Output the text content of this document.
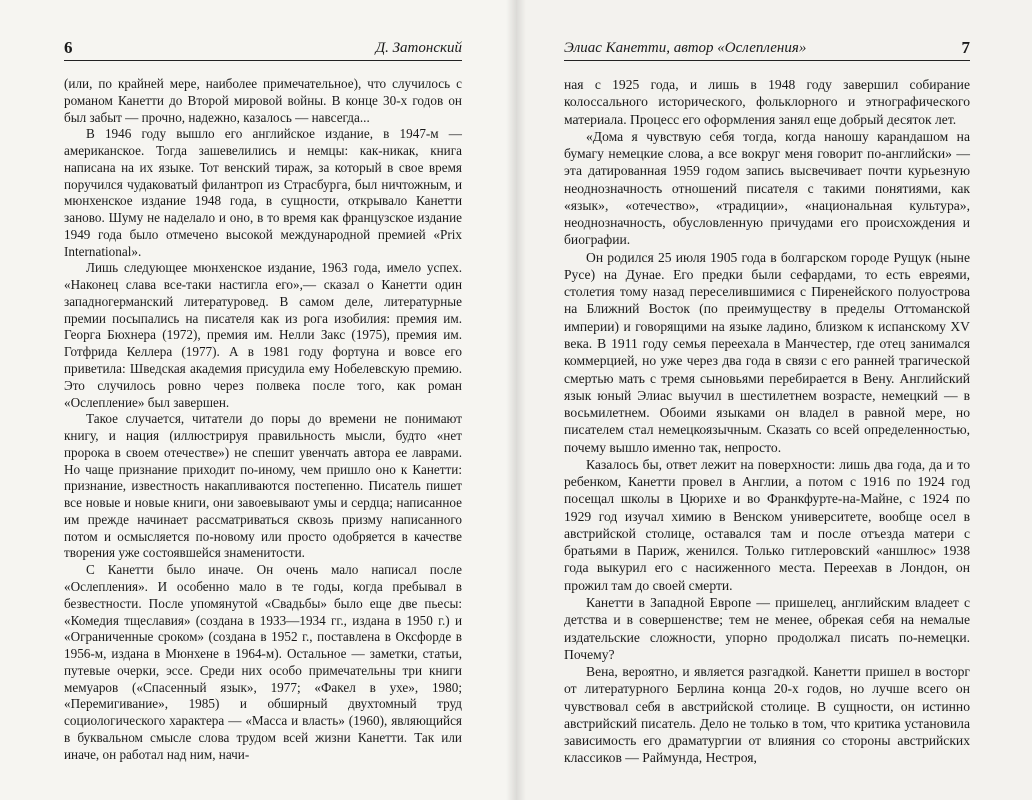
6	Д. Затонский

(или, по крайней мере, наиболее примечательное), что случилось с романом Канетти до Второй мировой войны. В конце 30-х годов он был забыт — прочно, надежно, казалось — навсегда...

В 1946 году вышло его английское издание, в 1947-м — американское. Тогда зашевелились и немцы: как-никак, книга написана на их языке. Тот венский тираж, за который в свое время поручился чудаковатый филантроп из Страсбурга, был ничтожным, и мюнхенское издание 1948 года, в сущности, открывало Канетти заново. Шуму не наделало и оно, в то время как французское издание 1949 года было отмечено высокой международной премией «Prix International».

Лишь следующее мюнхенское издание, 1963 года, имело успех. «Наконец слава все-таки настигла его»,— сказал о Канетти один западногерманский литературовед. В самом деле, литературные премии посыпались на писателя как из рога изобилия: премия им. Георга Бюхнера (1972), премия им. Нелли Закс (1975), премия им. Готфрида Келлера (1977). А в 1981 году фортуна и вовсе его приветила: Шведская академия присудила ему Нобелевскую премию. Это случилось ровно через полвека после того, как роман «Ослепление» был завершен.

Такое случается, читатели до поры до времени не понимают книгу, и нация (иллюстрируя правильность мысли, будто «нет пророка в своем отечестве») не спешит увенчать автора ее лаврами. Но чаще признание приходит по-иному, чем пришло оно к Канетти: признание, известность накапливаются постепенно. Писатель пишет все новые и новые книги, они завоевывают умы и сердца; написанное им прежде начинает рассматриваться сквозь призму написанного потом и осмысляется по-новому или просто одобряется в качестве творения уже состоявшейся знаменитости.

С Канетти было иначе. Он очень мало написал после «Ослепления». И особенно мало в те годы, когда пребывал в безвестности. После упомянутой «Свадьбы» было еще две пьесы: «Комедия тщеславия» (создана в 1933—1934 гг., издана в 1950 г.) и «Ограниченные сроком» (создана в 1952 г., поставлена в Оксфорде в 1956-м, издана в Мюнхене в 1964-м). Остальное — заметки, статьи, путевые очерки, эссе. Среди них особо примечательны три книги мемуаров («Спасенный язык», 1977; «Факел в ухе», 1980; «Перемигивание», 1985) и обширный двухтомный труд социологического характера — «Масса и власть» (1960), являющийся в буквальном смысле слова трудом всей жизни Канетти. Так или иначе, он работал над ним, начи-

Элиас Канетти, автор «Ослепления»	7

ная с 1925 года, и лишь в 1948 году завершил собирание колоссального исторического, фольклорного и этнографического материала. Процесс его оформления занял еще добрый десяток лет.

«Дома я чувствую себя тогда, когда наношу карандашом на бумагу немецкие слова, а все вокруг меня говорит по-английски» — эта датированная 1959 годом запись высвечивает почти курьезную неоднозначность отношений писателя с такими понятиями, как «язык», «отечество», «традиции», «национальная культура», неоднозначность, обусловленную причудами его происхождения и биографии.

Он родился 25 июля 1905 года в болгарском городе Рущук (ныне Русе) на Дунае. Его предки были сефардами, то есть евреями, столетия тому назад переселившимися с Пиренейского полуострова на Ближний Восток (по преимуществу в пределы Оттоманской империи) и говорящими на языке ладино, близком к испанскому XV века. В 1911 году семья переехала в Манчестер, где отец занимался коммерцией, но уже через два года в связи с его ранней трагической смертью мать с тремя сыновьями перебирается в Вену. Английский язык юный Элиас выучил в шестилетнем возрасте, немецкий — в восьмилетнем. Обоими языками он владел в равной мере, но писателем стал немецкоязычным. Сказать со всей определенностью, почему вышло именно так, непросто.

Казалось бы, ответ лежит на поверхности: лишь два года, да и то ребенком, Канетти провел в Англии, а потом с 1916 по 1924 год посещал школы в Цюрихе и во Франкфурте-на-Майне, с 1924 по 1929 год изучал химию в Венском университете, вообще осел в австрийской столице, оставался там и после отъезда матери с братьями в Париж, женился. Только гитлеровский «аншлюс» 1938 года выкурил его с насиженного места. Переехав в Лондон, он прожил там до своей смерти.

Канетти в Западной Европе — пришелец, английским владеет с детства и в совершенстве; тем не менее, обрекая себя на немалые издательские сложности, упорно продолжал писать по-немецки. Почему?

Вена, вероятно, и является разгадкой. Канетти пришел в восторг от литературного Берлина конца 20-х годов, но лучше всего он чувствовал себя в австрийской столице. В сущности, он истинно австрийский писатель. Дело не только в том, что критика установила зависимость его драматургии от влияния со стороны австрийских классиков — Раймунда, Нестроя,
